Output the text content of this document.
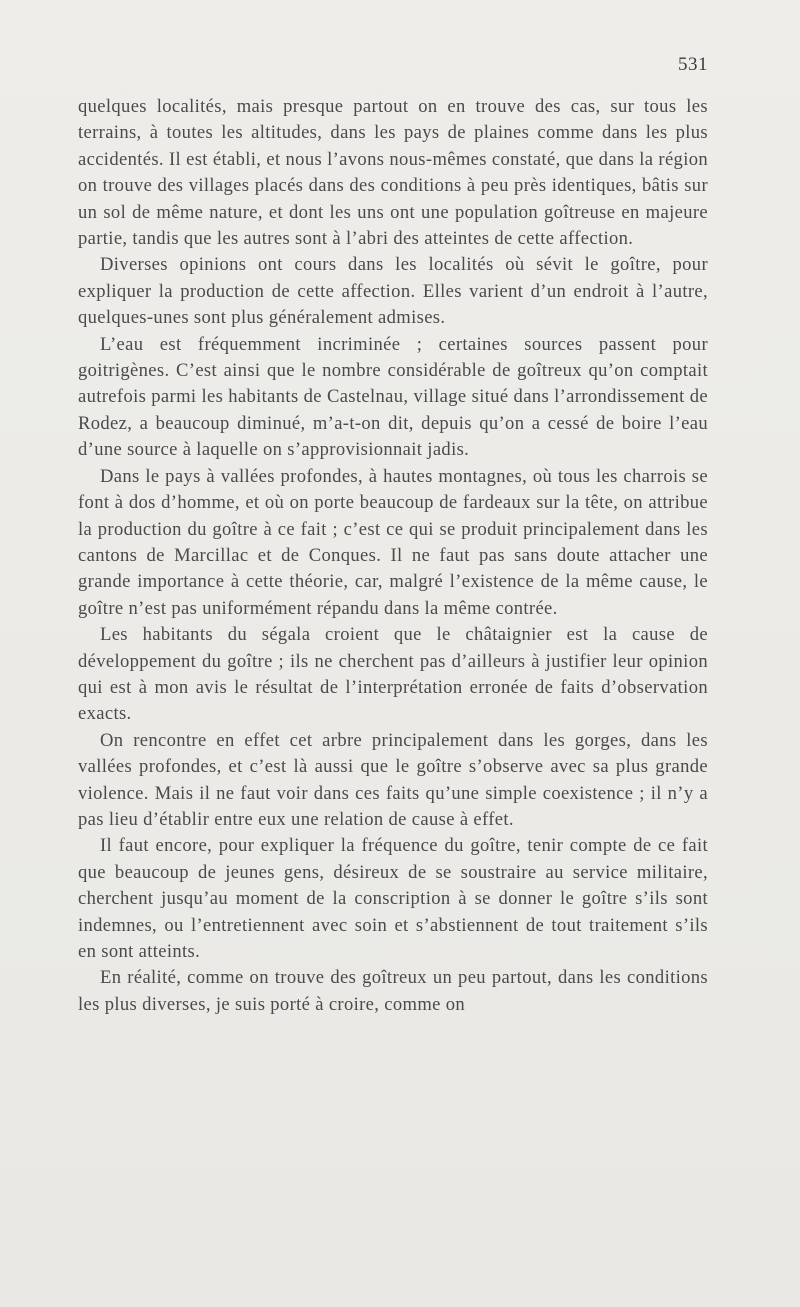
531

quelques localités, mais presque partout on en trouve des cas, sur tous les terrains, à toutes les altitudes, dans les pays de plaines comme dans les plus accidentés. Il est établi, et nous l’avons nous-mêmes constaté, que dans la région on trouve des villages placés dans des conditions à peu près identiques, bâtis sur un sol de même nature, et dont les uns ont une population goîtreuse en majeure partie, tandis que les autres sont à l’abri des atteintes de cette affection.

Diverses opinions ont cours dans les localités où sévit le goître, pour expliquer la production de cette affection. Elles varient d’un endroit à l’autre, quelques-unes sont plus généralement admises.

L’eau est fréquemment incriminée ; certaines sources passent pour goitrigènes. C’est ainsi que le nombre considérable de goîtreux qu’on comptait autrefois parmi les habitants de Castelnau, village situé dans l’arrondissement de Rodez, a beaucoup diminué, m’a-t-on dit, depuis qu’on a cessé de boire l’eau d’une source à laquelle on s’approvisionnait jadis.

Dans le pays à vallées profondes, à hautes montagnes, où tous les charrois se font à dos d’homme, et où on porte beaucoup de fardeaux sur la tête, on attribue la production du goître à ce fait ; c’est ce qui se produit principalement dans les cantons de Marcillac et de Conques. Il ne faut pas sans doute attacher une grande importance à cette théorie, car, malgré l’existence de la même cause, le goître n’est pas uniformément répandu dans la même contrée.

Les habitants du ségala croient que le châtaignier est la cause de développement du goître ; ils ne cherchent pas d’ailleurs à justifier leur opinion qui est à mon avis le résultat de l’interprétation erronée de faits d’observation exacts.

On rencontre en effet cet arbre principalement dans les gorges, dans les vallées profondes, et c’est là aussi que le goître s’observe avec sa plus grande violence. Mais il ne faut voir dans ces faits qu’une simple coexistence ; il n’y a pas lieu d’établir entre eux une relation de cause à effet.

Il faut encore, pour expliquer la fréquence du goître, tenir compte de ce fait que beaucoup de jeunes gens, désireux de se soustraire au service militaire, cherchent jusqu’au moment de la conscription à se donner le goître s’ils sont indemnes, ou l’entretiennent avec soin et s’abstiennent de tout traitement s’ils en sont atteints.

En réalité, comme on trouve des goîtreux un peu partout, dans les conditions les plus diverses, je suis porté à croire, comme on
